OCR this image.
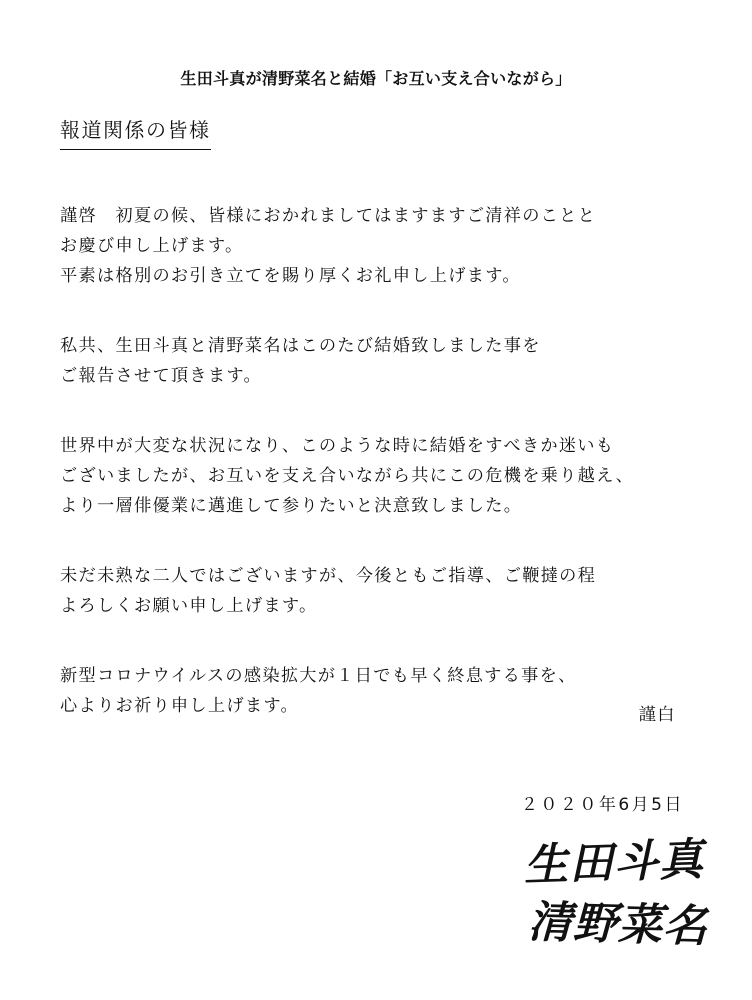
生田斗真が清野菜名と結婚「お互い支え合いながら」
報道関係の皆様
謹啓　初夏の候、皆様におかれましてはますますご清祥のことと
お慶び申し上げます。
平素は格別のお引き立てを賜り厚くお礼申し上げます。
私共、生田斗真と清野菜名はこのたび結婚致しました事を
ご報告させて頂きます。
世界中が大変な状況になり、このような時に結婚をすべきか迷いも
ございましたが、お互いを支え合いながら共にこの危機を乗り越え、
より一層俳優業に邁進して参りたいと決意致しました。
未だ未熟な二人ではございますが、今後ともご指導、ご鞭撻の程
よろしくお願い申し上げます。
新型コロナウイルスの感染拡大が１日でも早く終息する事を、
心よりお祈り申し上げます。	謹白
２０２０年6月5日
生田斗真
清野菜名
